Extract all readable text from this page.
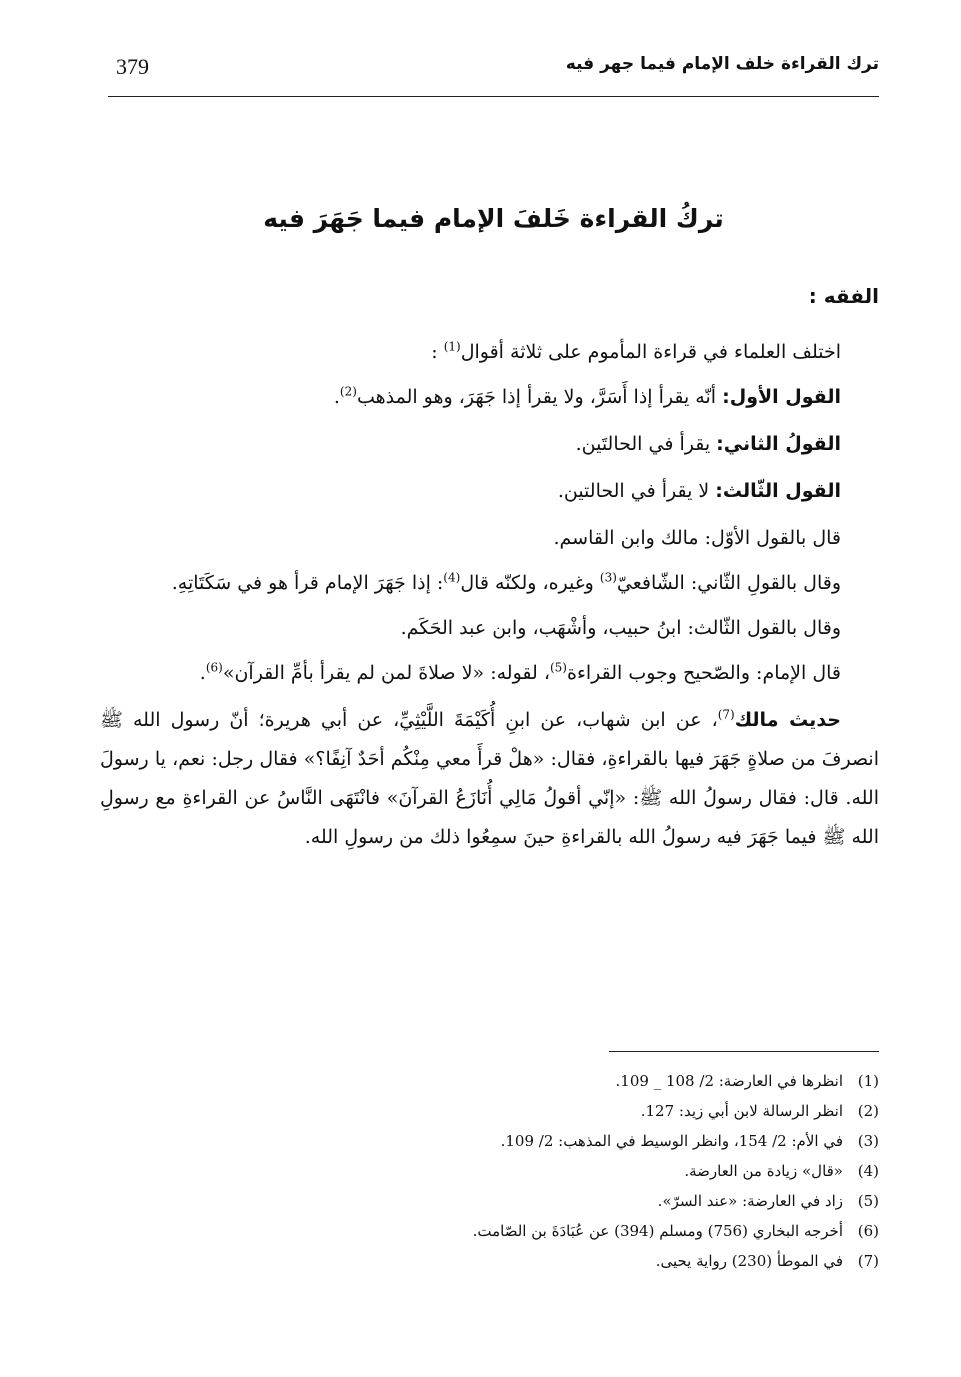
379	ترك القراءة خلف الإمام فيما جهر فيه
تركُ القراءة خَلفَ الإمام فيما جَهَرَ فيه
الفقه :

اختلف العلماء في قراءة المأموم على ثلاثة أقوال$^{(1)}$ :

القول الأول: أنّه يقرأ إذا أَسَرَّ، ولا يقرأ إذا جَهَرَ، وهو المذهب$^{(2)}$.

القولُ الثاني: يقرأ في الحالتَين.

القول الثّالث: لا يقرأ في الحالتين.

قال بالقول الأوّل: مالك وابن القاسم.

وقال بالقولِ الثّاني: الشّافعيّ$^{(3)}$ وغيره، ولكنّه قال$^{(4)}$: إذا جَهَرَ الإمام قرأ هو في سَكَتَاتِهِ.

وقال بالقول الثّالث: ابنُ حبيب، وأشْهَب، وابن عبد الحَكَم.

قال الإمام: والصّحيح وجوب القراءة$^{(5)}$، لقوله: «لا صلاةَ لمن لم يقرأ بأمِّ القرآن»$^{(6)}$.

حديث مالك$^{(7)}$، عن ابن شهاب، عن ابنِ أُكَيْمَةَ اللَّيْثِيِّ، عن أبي هريرة؛ أنّ رسول الله ﷺ انصرفَ من صلاةٍ جَهَرَ فيها بالقراءةِ، فقال: «هلْ قرأَ معي مِنْكُم أحَدٌ آنِفًا؟» فقال رجل: نعم، يا رسولَ الله. قال: فقال رسولُ الله ﷺ: «إنّي أقولُ مَالِي أُنَازَعُ القرآنَ» فانْتَهَى النَّاسُ عن القراءةِ مع رسولِ الله ﷺ فيما جَهَرَ فيه رسولُ الله بالقراءةِ حينَ سمِعُوا ذلك من رسولِ الله.

(1)انظرها في العارضة: 2/ 108 _ 109.
(2)انظر الرسالة لابن أبي زيد: 127.
(3)في الأم: 2/ 154، وانظر الوسيط في المذهب: 2/ 109.
(4)«قال» زيادة من العارضة.
(5)زاد في العارضة: «عند السرّ».
(6)أخرجه البخاري (756) ومسلم (394) عن عُبَادَةَ بن الصّامت.
(7)في الموطأ (230) رواية يحيى.
